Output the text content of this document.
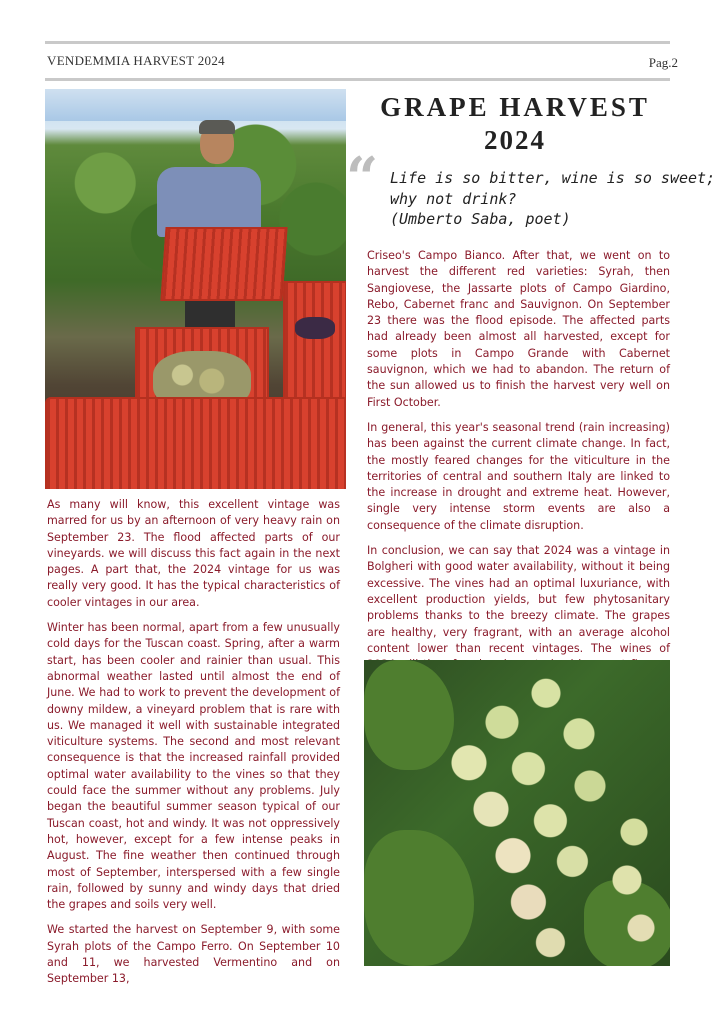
VENDEMMIA HARVEST 2024	Pag.2
GRAPE HARVEST
2024
“ Life is so bitter, wine is so sweet;
why not drink?
(Umberto Saba, poet)

As many will know, this excellent vintage was marred for us by an afternoon of very heavy rain on September 23. The flood affected parts of our vineyards. we will discuss this fact again in the next pages. A part that, the 2024 vintage for us was really very good. It has the typical characteristics of cooler vintages in our area.

Winter has been normal, apart from a few unusually cold days for the Tuscan coast. Spring, after a warm start, has been cooler and rainier than usual. This abnormal weather lasted until almost the end of June. We had to work to prevent the development of downy mildew, a vineyard problem that is rare with us. We managed it well with sustainable integrated viticulture systems. The second and most relevant consequence is that the increased rainfall provided optimal water availability to the vines so that they could face the summer without any problems. July began the beautiful summer season typical of our Tuscan coast, hot and windy. It was not oppressively hot, however, except for a few intense peaks in August. The fine weather then continued through most of September, interspersed with a few single rain, followed by sunny and windy days that dried the grapes and soils very well.

We started the harvest on September 9, with some Syrah plots of the Campo Ferro. On September 10 and 11, we harvested Vermentino and on September 13,

Criseo's Campo Bianco. After that, we went on to harvest the different red varieties: Syrah, then Sangiovese, the Jassarte plots of Campo Giardino, Rebo, Cabernet franc and Sauvignon. On September 23 there was the flood episode. The affected parts had already been almost all harvested, except for some plots in Campo Grande with Cabernet sauvignon, which we had to abandon. The return of the sun allowed us to finish the harvest very well on First October.

In general, this year's seasonal trend (rain increasing) has been against the current climate change. In fact, the mostly feared changes for the viticulture in the territories of central and southern Italy are linked to the increase in drought and extreme heat. However, single very intense storm events are also a consequence of the climate disruption.

In conclusion, we can say that 2024 was a vintage in Bolgheri with good water availability, without it being excessive. The vines had an optimal luxuriance, with excellent production yields, but few phytosanitary problems thanks to the breezy climate. The grapes are healthy, very fragrant, with an average alcohol content lower than recent vintages. The wines of
